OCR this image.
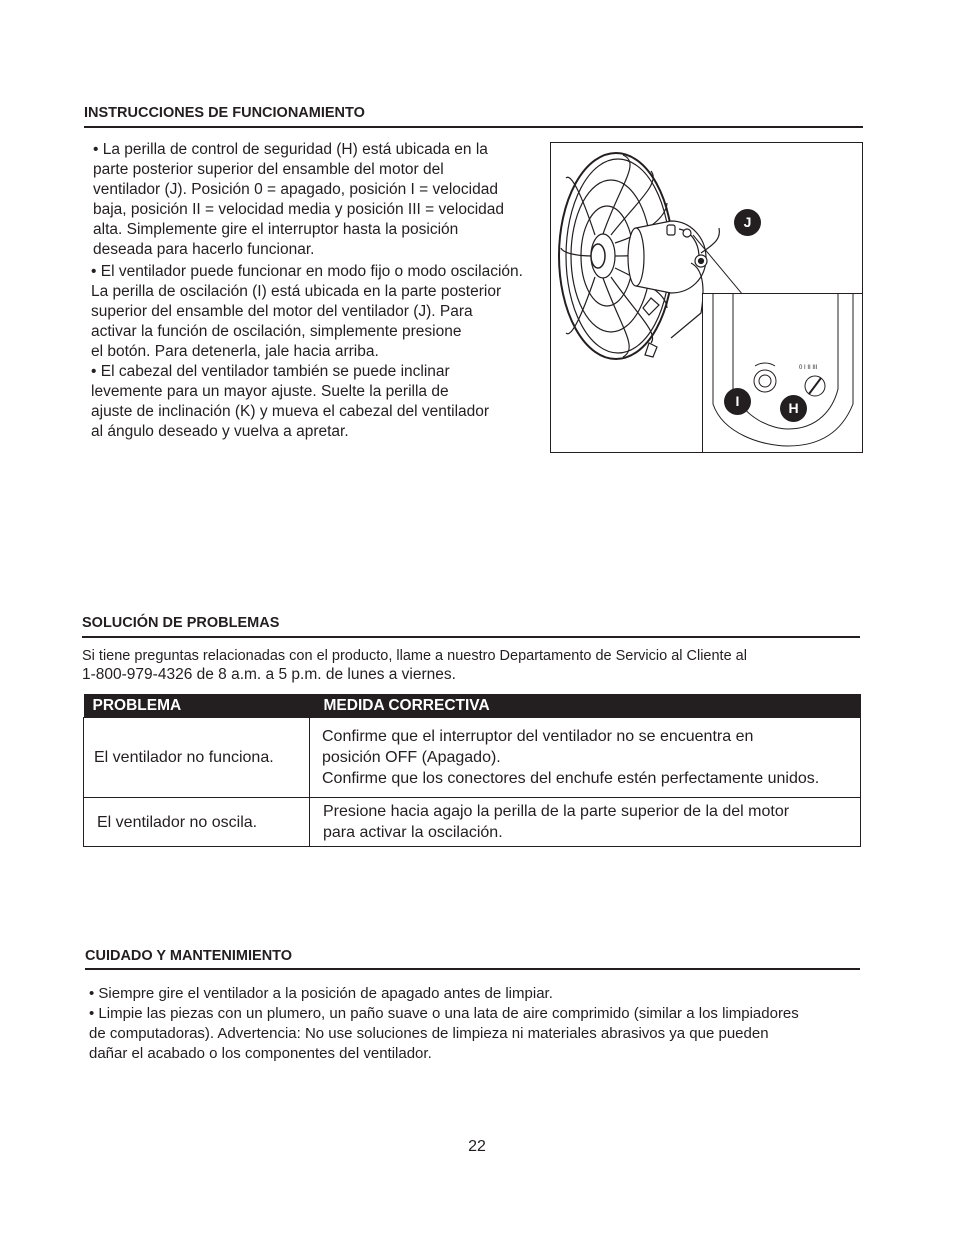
INSTRUCCIONES DE FUNCIONAMIENTO
• La perilla de control de seguridad (H) está ubicada en la
parte posterior superior del ensamble del motor del
ventilador (J). Posición 0 = apagado, posición I = velocidad
baja, posición II = velocidad media y posición III = velocidad
alta. Simplemente gire el interruptor hasta la posición
deseada para hacerlo funcionar.
• El ventilador puede funcionar en modo fijo o modo oscilación.
La perilla de oscilación (I) está ubicada en la parte posterior
superior del ensamble del motor del ventilador (J). Para
activar la función de oscilación, simplemente presione
el botón. Para detenerla, jale hacia arriba.
• El cabezal del ventilador también se puede inclinar
levemente para un mayor ajuste. Suelte la perilla de
ajuste de inclinación (K) y mueva el cabezal del ventilador
al ángulo deseado y vuelva a apretar.
0 I II III
J
I	H
SOLUCIÓN DE PROBLEMAS
Si tiene preguntas relacionadas con el producto, llame a nuestro Departamento de Servicio al Cliente al
1-800-979-4326 de 8 a.m. a 5 p.m. de lunes a viernes.
PROBLEMA	MEDIDA CORRECTIVA

El ventilador no funciona.	Confirme que el interruptor del ventilador no se encuentra en
posición OFF (Apagado).
Confirme que los conectores del enchufe estén perfectamente unidos.

El ventilador no oscila.	Presione hacia agajo la perilla de la parte superior de la del motor
para activar la oscilación.
CUIDADO Y MANTENIMIENTO
• Siempre gire el ventilador a la posición de apagado antes de limpiar.
• Limpie las piezas con un plumero, un paño suave o una lata de aire comprimido (similar a los limpiadores
de computadoras). Advertencia: No use soluciones de limpieza ni materiales abrasivos ya que pueden
dañar el acabado o los componentes del ventilador.
22
